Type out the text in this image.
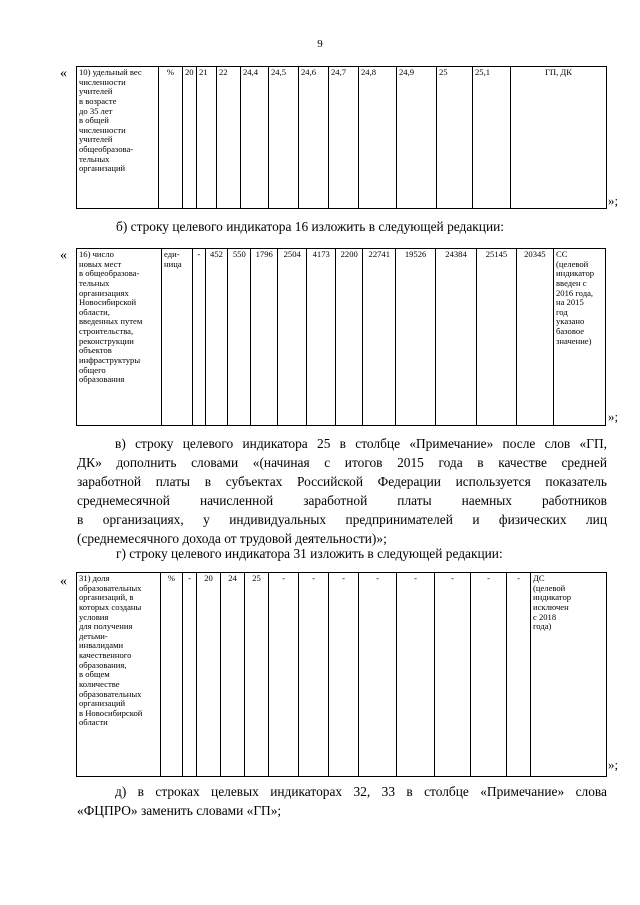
9
« 10) удельный вес
численности
учителей
в возрасте
до 35 лет
в общей
численности
учителей
общеобразова-
тельных
организаций	%	20	21	22	24,4	24,5	24,6	24,7	24,8	24,9	25	25,1	ГП, ДК
»;
б) строку целевого индикатора 16 изложить в следующей редакции:
« 16) число
новых мест
в общеобразова-
тельных
организациях
Новосибирской
области,
введенных путем
строительства,
реконструкции
объектов
инфраструктуры
общего
образования	еди-
ница	-	452	550	1796	2504	4173	2200	22741	19526	24384	25145	20345	СС
(целевой
индикатор
введен с
2016 года,
на 2015
год
указано
базовое
значение)
»;
в) строку целевого индикатора 25 в столбце «Примечание» после слов «ГП,
ДК» дополнить словами «(начиная с итогов 2015 года в качестве средней
заработной платы в субъектах Российской Федерации используется показатель
среднемесячной начисленной заработной платы наемных работников
в организациях, у индивидуальных предпринимателей и физических лиц
(среднемесячного дохода от трудовой деятельности)»;
г) строку целевого индикатора 31 изложить в следующей редакции:
« 31) доля
образовательных
организаций, в
которых созданы
условия
для получения
детьми-
инвалидами
качественного
образования,
в общем
количестве
образовательных
организаций
в Новосибирской
области	%	-	20	24	25	-	-	-	-	-	-	-	-	ДС
(целевой
индикатор
исключен
с 2018
года)
»;
д) в строках целевых индикаторах 32, 33 в столбце «Примечание» слова
«ФЦПРО» заменить словами «ГП»;
